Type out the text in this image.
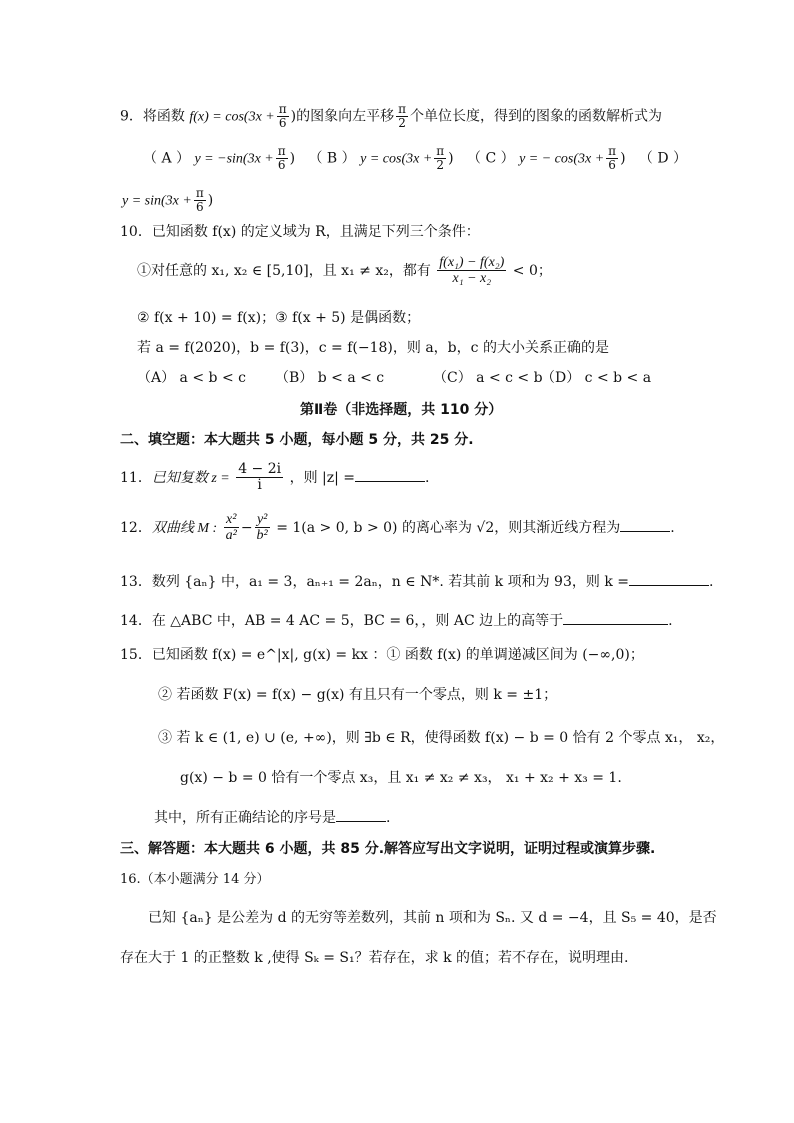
9．将函数 $f(x) = \cos(3x + \frac{\pi}{6}$ )的图象向左平移 $\frac{\pi}{2}$ 个单位长度，得到的图象的函数解析式为
（ A ） $y = -\sin(3x + \frac{\pi}{6}$ ) （ B ） $y = \cos(3x + \frac{\pi}{2}$ ) （ C ） y = − $\cos(3x + \frac{\pi}{6}$ ) （ D ）
$y = \sin(3x + \frac{\pi}{6}$ )
10．已知函数 f(x) 的定义域为 R，且满足下列三个条件：
①对任意的 x₁, x₂ ∈ [5,10]，且 x₁ ≠ x₂，都有 $\frac{\text{f(x₁) − f(x₂)}}{\text{x₁ − x₂}} < 0$；
② f(x + 10) = f(x)；③ f(x + 5) 是偶函数；
若 a = f(2020)，b = f(3)，c = f(−18)，则 a，b，c 的大小关系正确的是
（A） a < b < c （B） b < a < c	（C） a < c < b（D） c < b < a
第Ⅱ卷（非选择题，共 110 分）
二、填空题：本大题共 5 小题，每小题 5 分，共 25 分.
11．已知复数 $z = \frac{4 - 2i}{i}$ ，则 |z| =	.
12．双曲线 M : $\frac{\text{x²}}{\text{a²}} - \frac{\text{y²}}{\text{b²}} = 1(a > 0$, b > 0) 的离心率为 √2，则其渐近线方程为	.
13．数列 {aₙ} 中，a₁ = 3，aₙ₊₁ = 2aₙ，n ∈ N*. 若其前 k 项和为 93，则 k =	.
14．在 △ABC 中，AB = 4 AC = 5，BC = 6，，则 AC 边上的高等于	.
15．已知函数 f(x) = e^|x|, g(x) = kx ：① 函数 f(x) 的单调递减区间为 (−∞,0)；
② 若函数 F(x) = f(x) − g(x) 有且只有一个零点，则 k = ±1；
③ 若 k ∈ (1, e) ∪ (e, +∞)，则 ∃b ∈ R，使得函数 f(x) − b = 0 恰有 2 个零点 x₁， x₂，
g(x) − b = 0 恰有一个零点 x₃，且 x₁ ≠ x₂ ≠ x₃， x₁ + x₂ + x₃ = 1.
其中，所有正确结论的序号是	.
三、解答题：本大题共 6 小题，共 85 分.解答应写出文字说明，证明过程或演算步骤.
16.（本小题满分 14 分）
已知 {aₙ} 是公差为 d 的无穷等差数列，其前 n 项和为 Sₙ. 又 d = −4，且 S₅ = 40，是否
存在大于 1 的正整数 k ,使得 Sₖ = S₁？若存在，求 k 的值；若不存在，说明理由.
